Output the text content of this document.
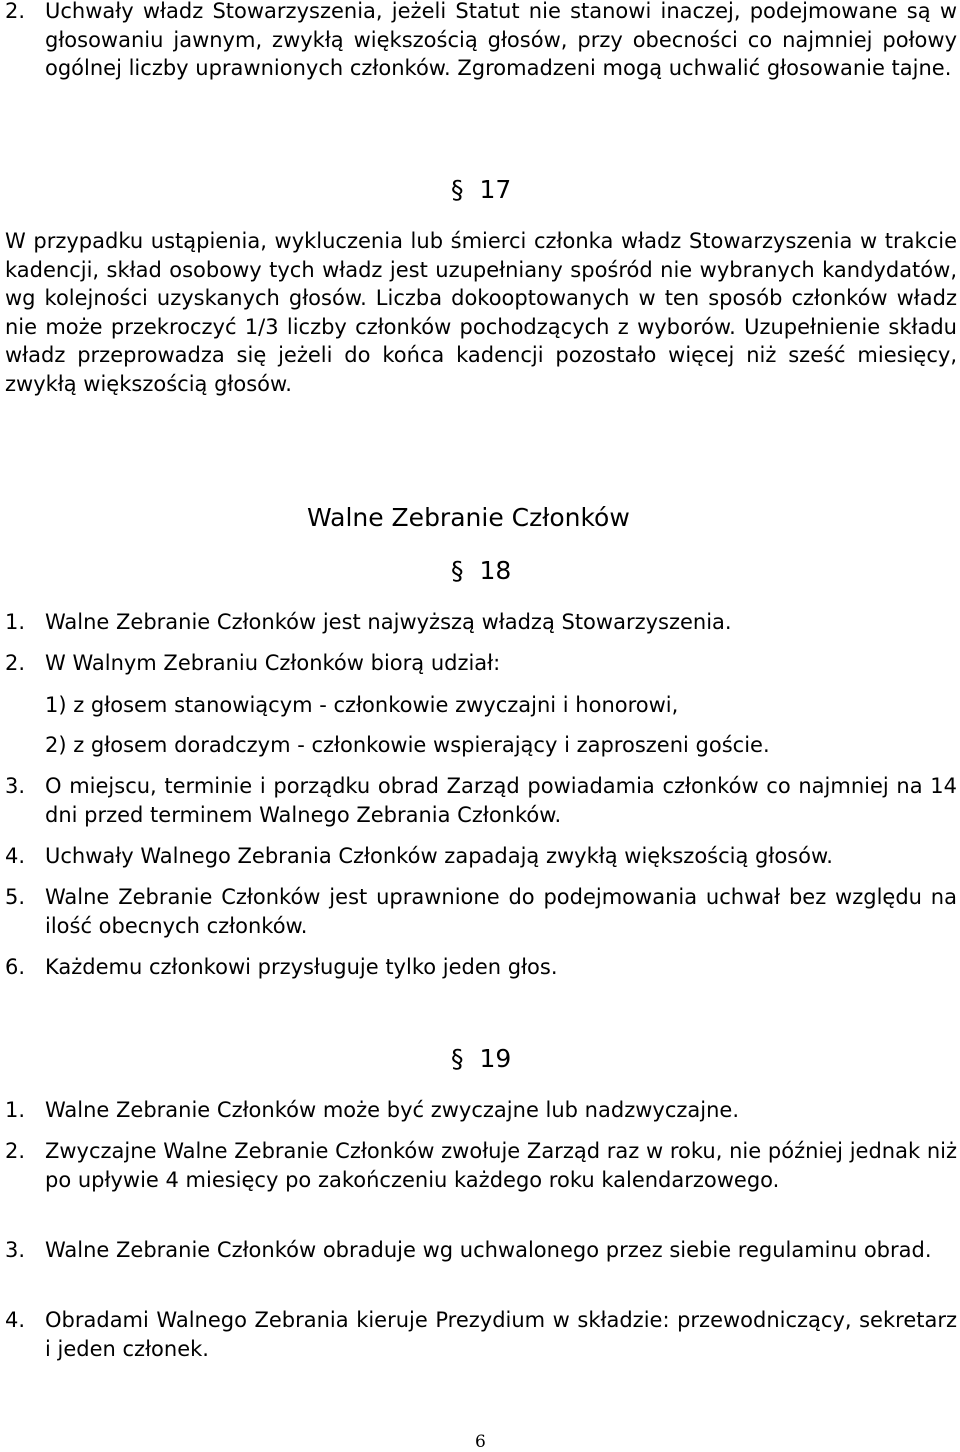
2. Uchwały władz Stowarzyszenia, jeżeli Statut nie stanowi inaczej, podejmowane są w głosowaniu jawnym, zwykłą większością głosów, przy obecności co najmniej połowy ogólnej liczby uprawnionych członków. Zgromadzeni mogą uchwalić głosowanie tajne.
§ 17
W przypadku ustąpienia, wykluczenia lub śmierci członka władz Stowarzyszenia w trakcie kadencji, skład osobowy tych władz jest uzupełniany spośród nie wybranych kandydatów, wg kolejności uzyskanych głosów. Liczba dokooptowanych w ten sposób członków władz nie może przekroczyć 1/3 liczby członków pochodzących z wyborów. Uzupełnienie składu władz przeprowadza się jeżeli do końca kadencji pozostało więcej niż sześć miesięcy, zwykłą większością głosów.
Walne Zebranie Członków
§ 18
1. Walne Zebranie Członków jest najwyższą władzą Stowarzyszenia.
2. W Walnym Zebraniu Członków biorą udział:
1) z głosem stanowiącym - członkowie zwyczajni i honorowi,
2) z głosem doradczym - członkowie wspierający i zaproszeni goście.
3. O miejscu, terminie i porządku obrad Zarząd powiadamia członków co najmniej na 14 dni przed terminem Walnego Zebrania Członków.
4. Uchwały Walnego Zebrania Członków zapadają zwykłą większością głosów.
5. Walne Zebranie Członków jest uprawnione do podejmowania uchwał bez względu na ilość obecnych członków.
6. Każdemu członkowi przysługuje tylko jeden głos.
§ 19
1. Walne Zebranie Członków może być zwyczajne lub nadzwyczajne.
2. Zwyczajne Walne Zebranie Członków zwołuje Zarząd raz w roku, nie później jednak niż po upływie 4 miesięcy po zakończeniu każdego roku kalendarzowego.
3. Walne Zebranie Członków obraduje wg uchwalonego przez siebie regulaminu obrad.
4. Obradami Walnego Zebrania kieruje Prezydium w składzie: przewodniczący, sekretarz i jeden członek.
6
